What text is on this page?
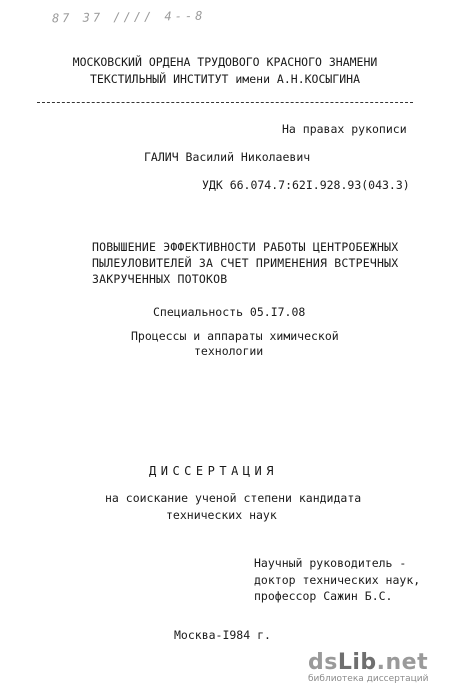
87 37 //// 4--8
МОСКОВСКИЙ ОРДЕНА ТРУДОВОГО КРАСНОГО ЗНАМЕНИ
ТЕКСТИЛЬНЫЙ ИНСТИТУТ имени А.Н.КОСЫГИНА
На правах рукописи
ГАЛИЧ Василий Николаевич
УДК 66.074.7:62I.928.93(043.3)
ПОВЫШЕНИЕ ЭФФЕКТИВНОСТИ РАБОТЫ ЦЕНТРОБЕЖНЫХ
ПЫЛЕУЛОВИТЕЛЕЙ ЗА СЧЕТ ПРИМЕНЕНИЯ ВСТРЕЧНЫХ
ЗАКРУЧЕННЫХ ПОТОКОВ
Специальность 05.I7.08
Процессы и аппараты химической
технологии
ДИССЕРТАЦИЯ
на соискание ученой степени кандидата
технических наук
Научный руководитель -
доктор технических наук,
профессор Сажин Б.С.
Москва-I984 г.
dsLib.net
библиотека диссертаций
